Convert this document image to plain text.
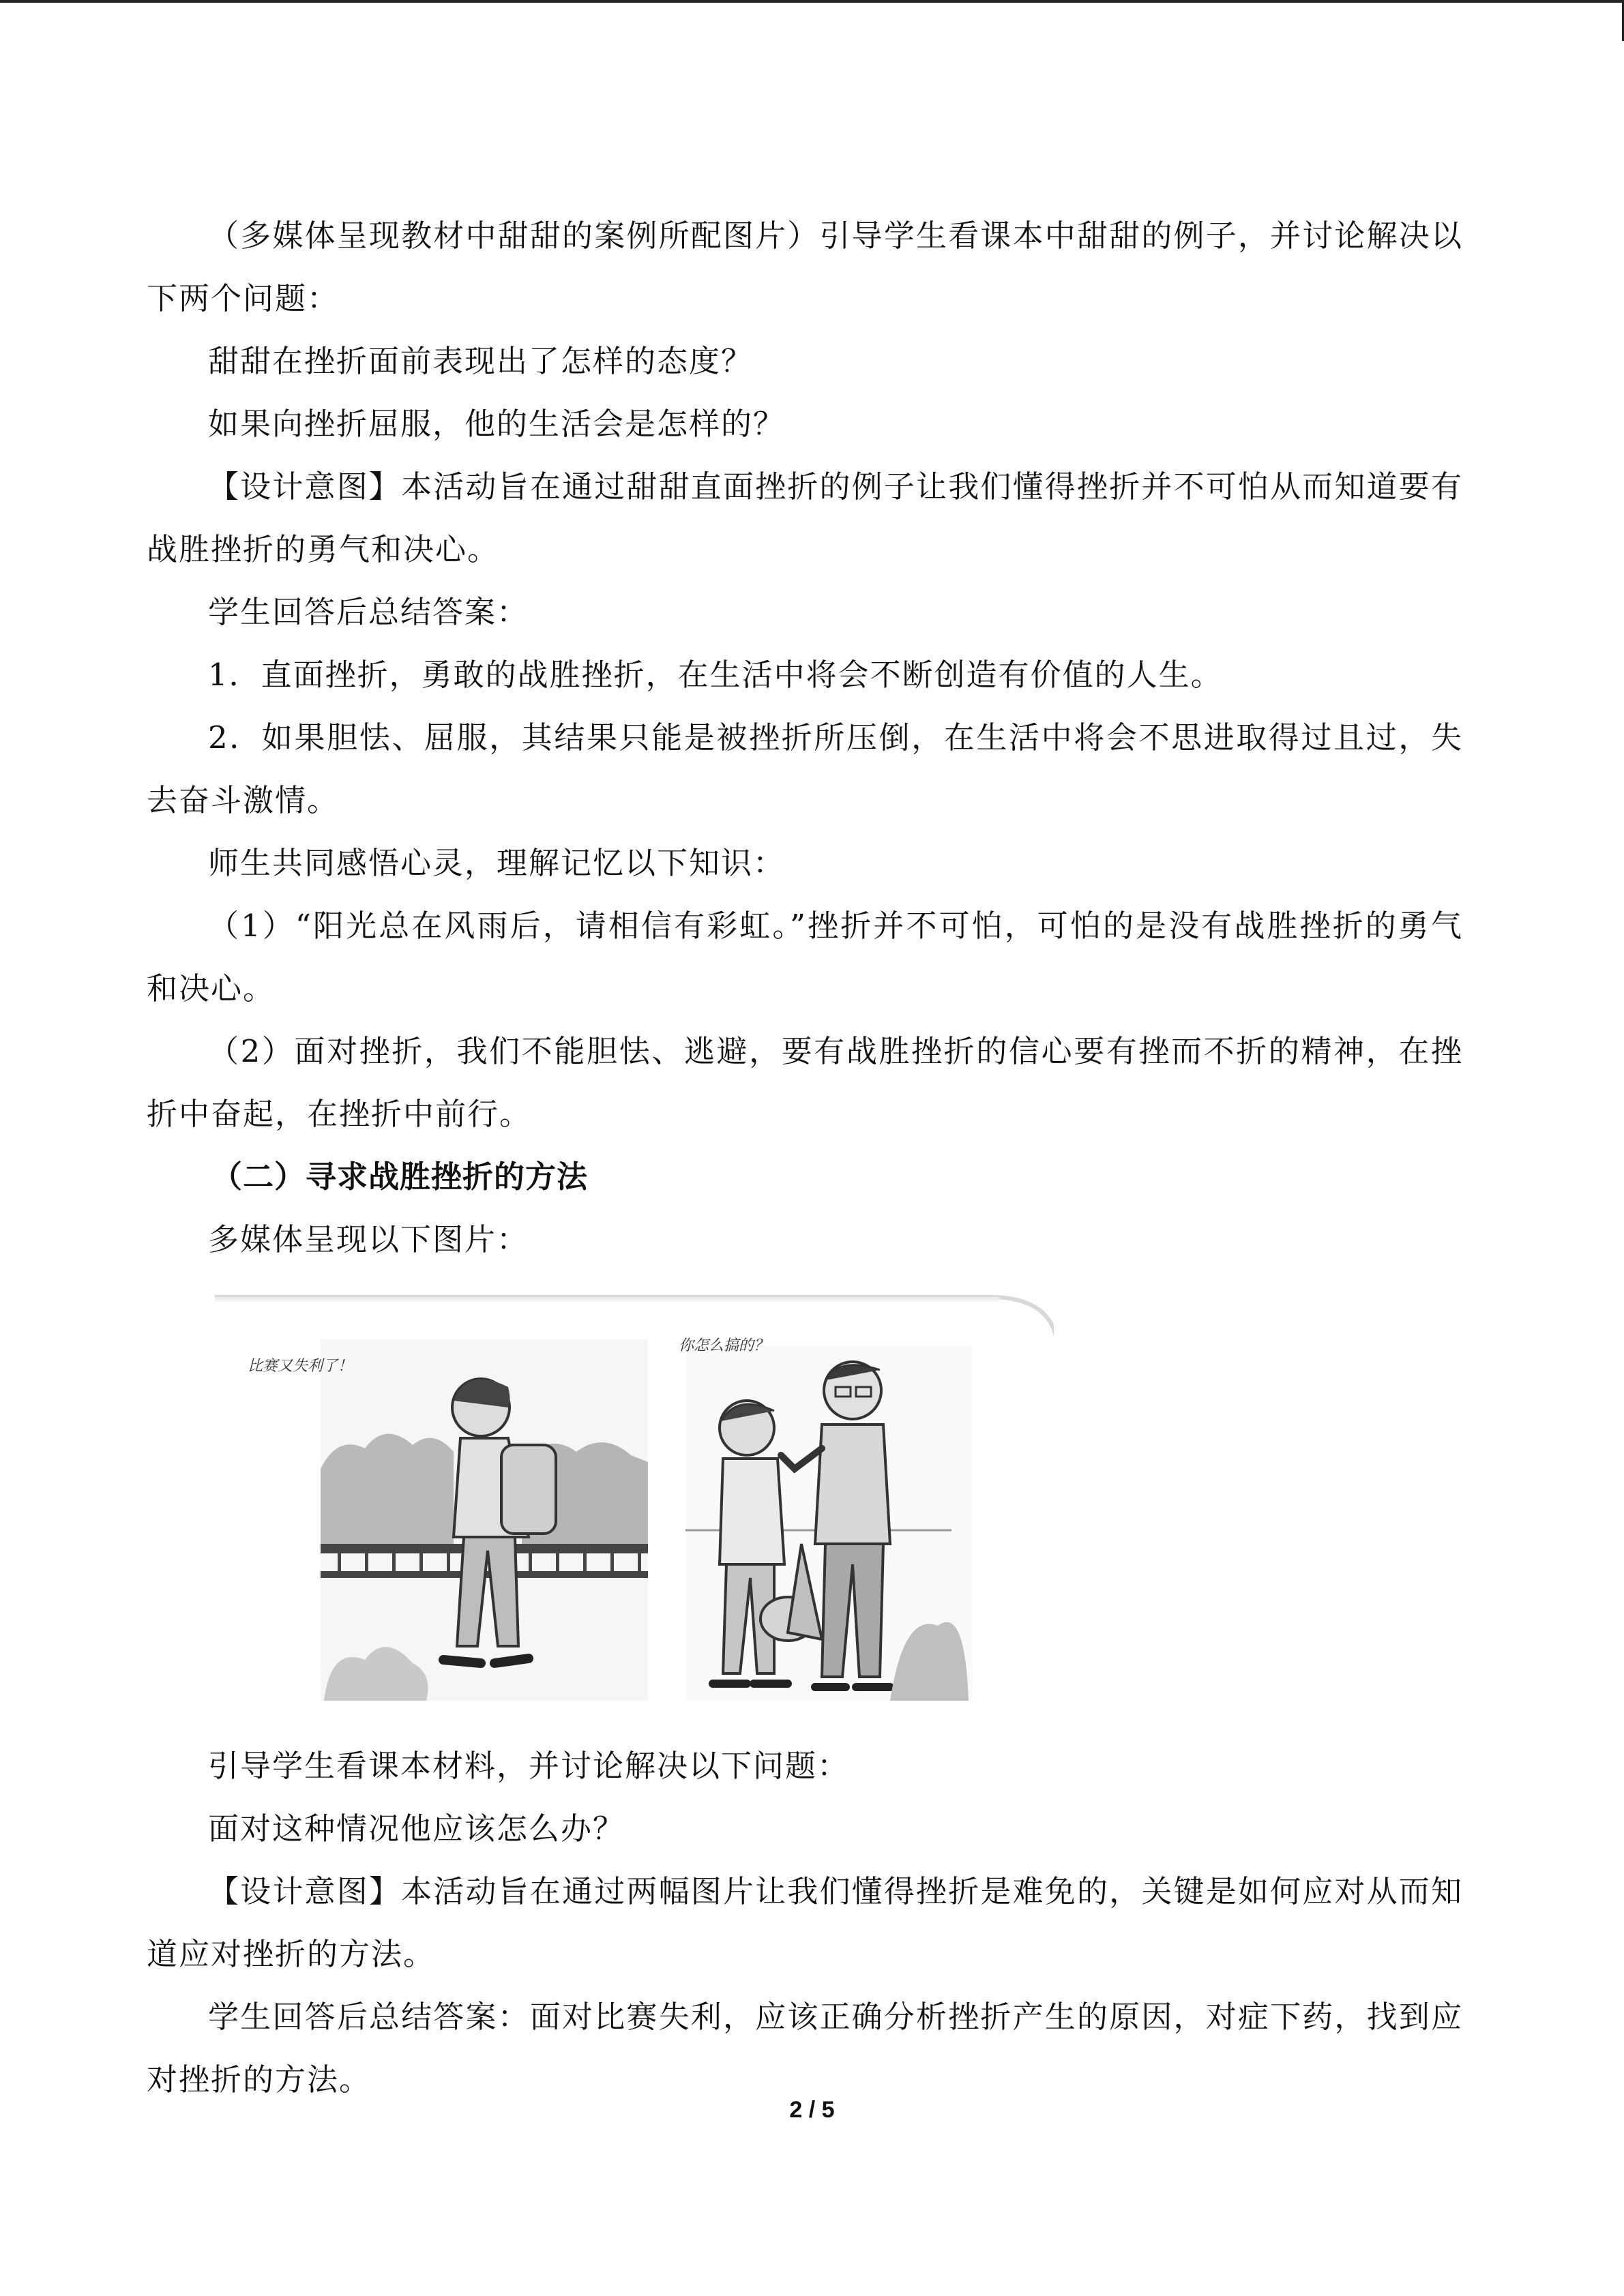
（多媒体呈现教材中甜甜的案例所配图片）引导学生看课本中甜甜的例子，并讨论解决以下两个问题：

甜甜在挫折面前表现出了怎样的态度？

如果向挫折屈服，他的生活会是怎样的？

【设计意图】本活动旨在通过甜甜直面挫折的例子让我们懂得挫折并不可怕从而知道要有战胜挫折的勇气和决心。

学生回答后总结答案：

1．直面挫折，勇敢的战胜挫折，在生活中将会不断创造有价值的人生。

2．如果胆怯、屈服，其结果只能是被挫折所压倒，在生活中将会不思进取得过且过，失去奋斗激情。

师生共同感悟心灵，理解记忆以下知识：

（1）“阳光总在风雨后，请相信有彩虹。”挫折并不可怕，可怕的是没有战胜挫折的勇气和决心。

（2）面对挫折，我们不能胆怯、逃避，要有战胜挫折的信心要有挫而不折的精神，在挫折中奋起，在挫折中前行。

（二）寻求战胜挫折的方法

多媒体呈现以下图片：

比赛又失利了！
你怎么搞的？

引导学生看课本材料，并讨论解决以下问题：

面对这种情况他应该怎么办？

【设计意图】本活动旨在通过两幅图片让我们懂得挫折是难免的，关键是如何应对从而知道应对挫折的方法。

学生回答后总结答案：面对比赛失利，应该正确分析挫折产生的原因，对症下药，找到应对挫折的方法。

2 / 5
